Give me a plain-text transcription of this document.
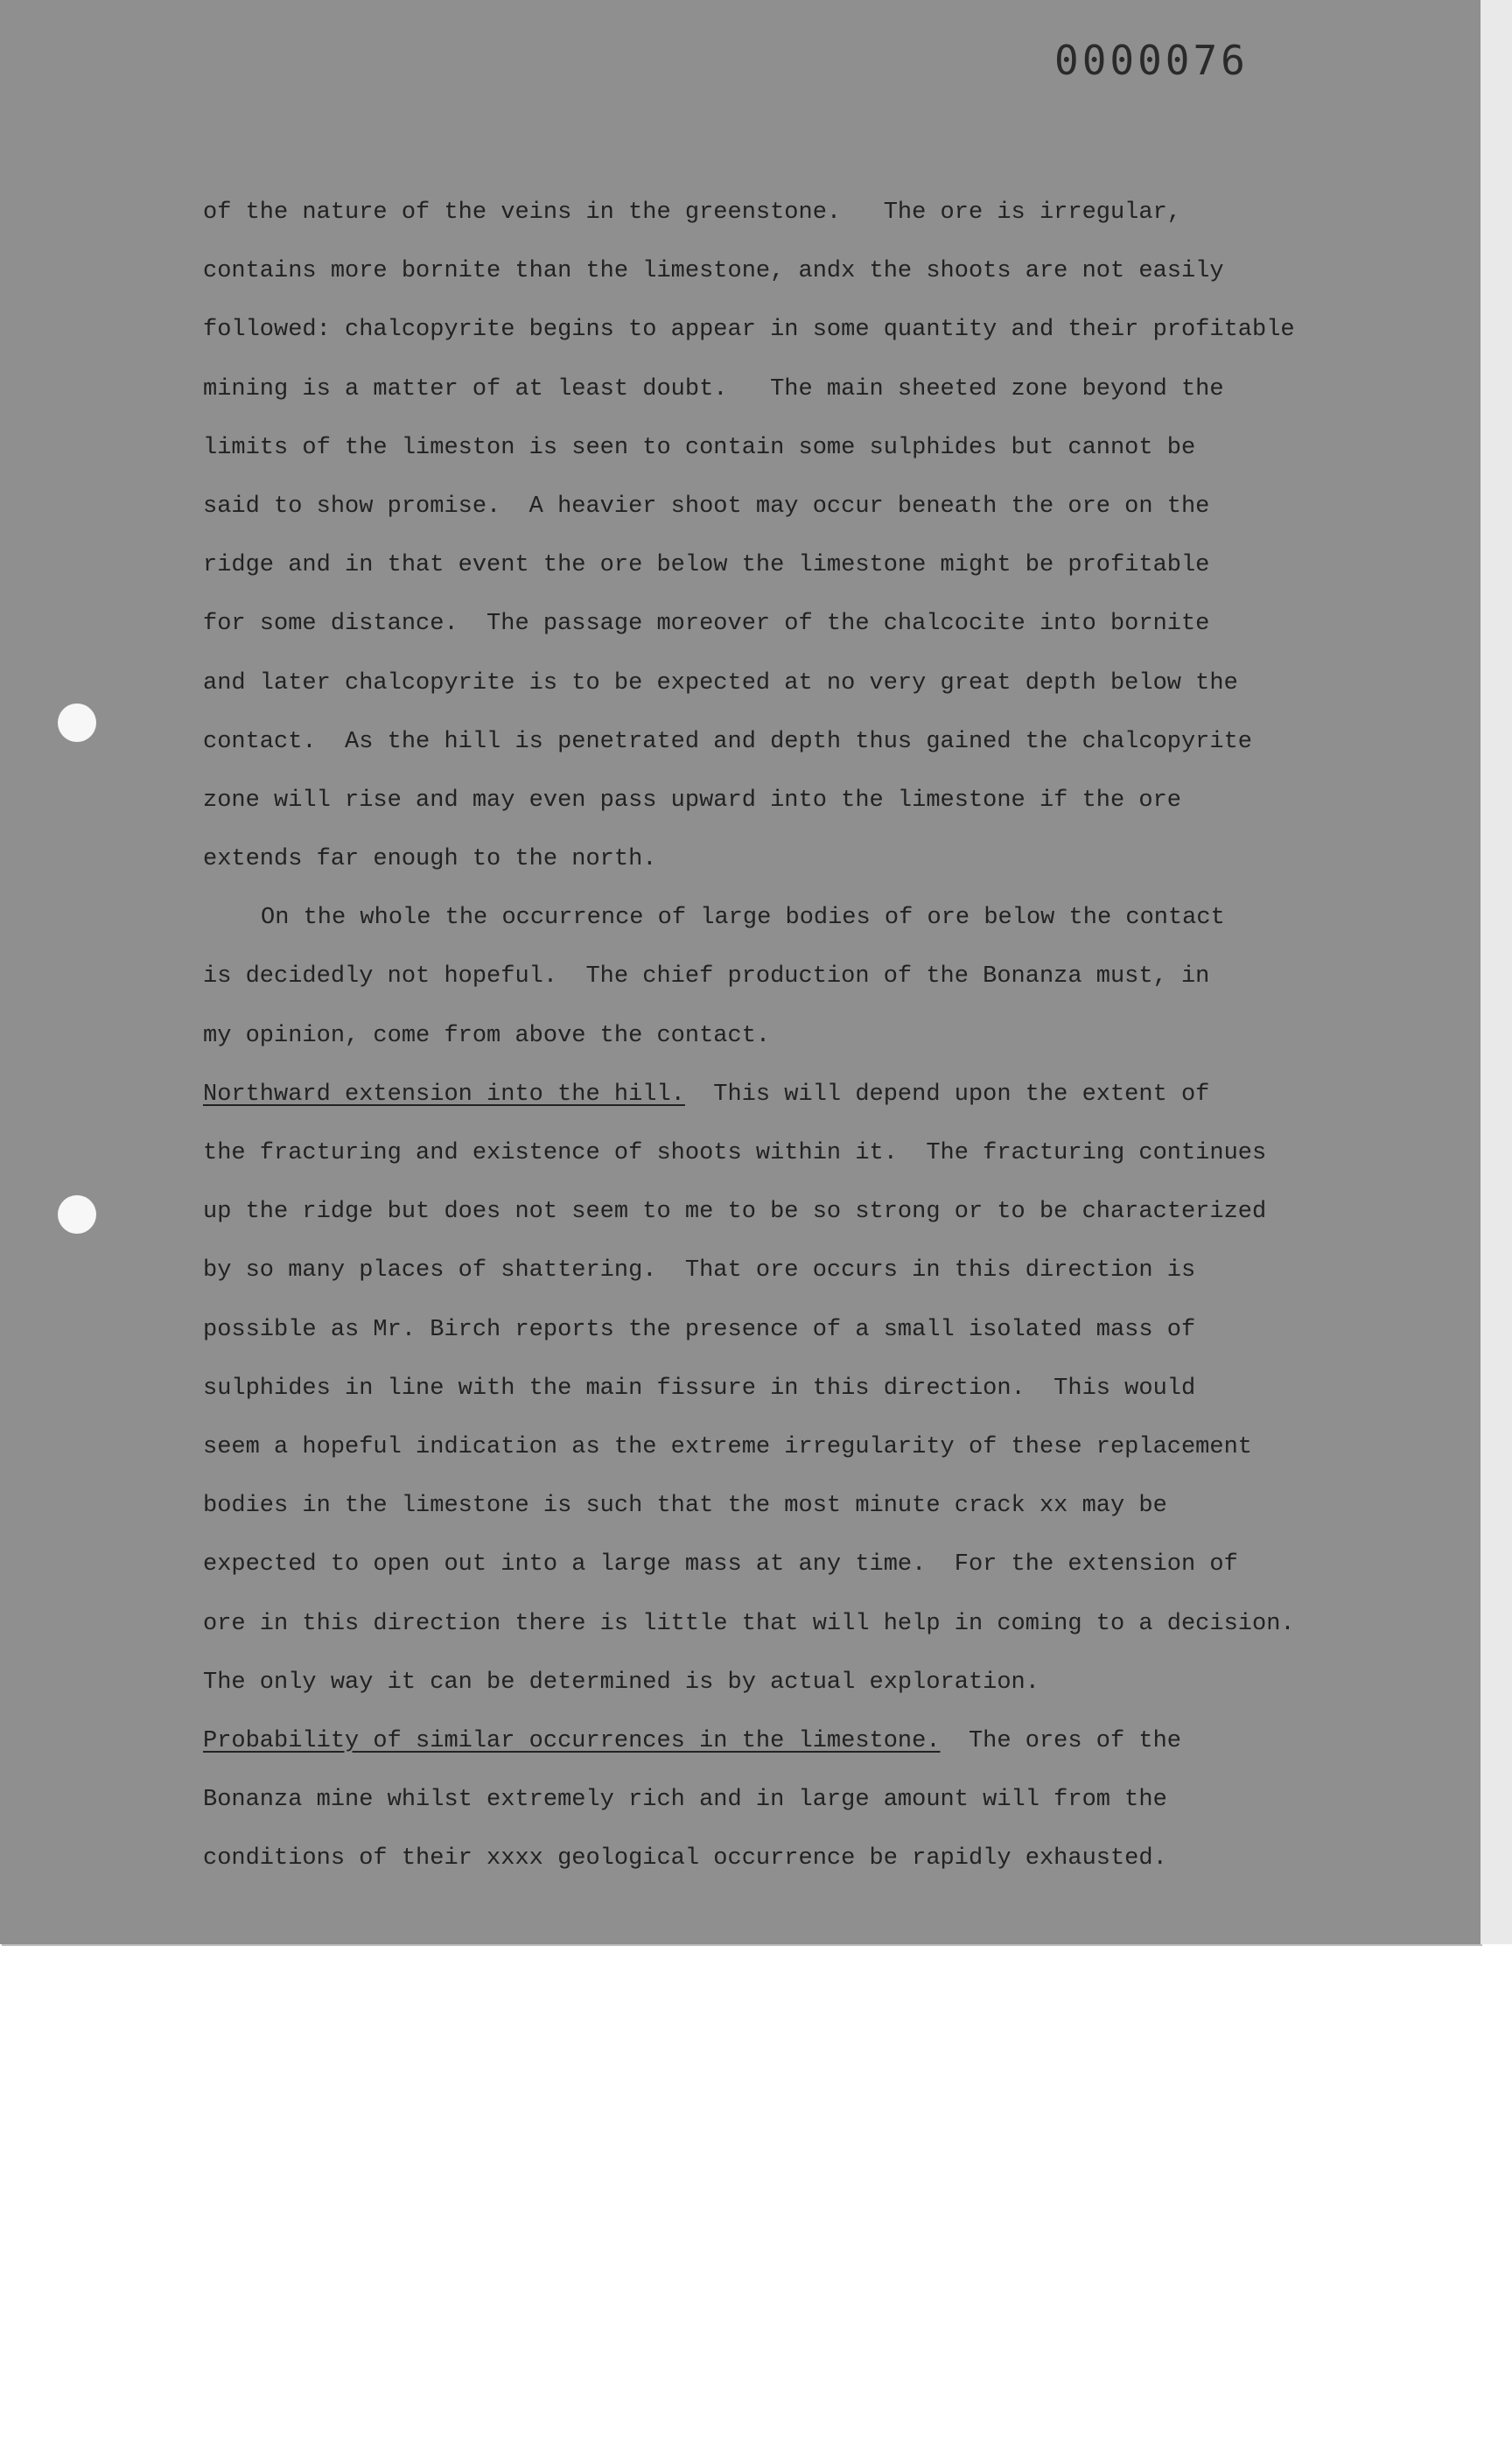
0000076
of the nature of the veins in the greenstone.   The ore is irregular,
contains more bornite than the limestone, andx the shoots are not easily
followed: chalcopyrite begins to appear in some quantity and their profitable
mining is a matter of at least doubt.   The main sheeted zone beyond the
limits of the limeston is seen to contain some sulphides but cannot be
said to show promise.  A heavier shoot may occur beneath the ore on the
ridge and in that event the ore below the limestone might be profitable
for some distance.  The passage moreover of the chalcocite into bornite
and later chalcopyrite is to be expected at no very great depth below the
contact.  As the hill is penetrated and depth thus gained the chalcopyrite
zone will rise and may even pass upward into the limestone if the ore
extends far enough to the north.
On the whole the occurrence of large bodies of ore below the contact
is decidedly not hopeful.  The chief production of the Bonanza must, in
my opinion, come from above the contact.
Northward extension into the hill.  This will depend upon the extent of
the fracturing and existence of shoots within it.  The fracturing continues
up the ridge but does not seem to me to be so strong or to be characterized
by so many places of shattering.  That ore occurs in this direction is
possible as Mr. Birch reports the presence of a small isolated mass of
sulphides in line with the main fissure in this direction.  This would
seem a hopeful indication as the extreme irregularity of these replacement
bodies in the limestone is such that the most minute crack xx may be
expected to open out into a large mass at any time.  For the extension of
ore in this direction there is little that will help in coming to a decision.
The only way it can be determined is by actual exploration.
Probability of similar occurrences in the limestone.  The ores of the
Bonanza mine whilst extremely rich and in large amount will from the
conditions of their xxxx geological occurrence be rapidly exhausted.
